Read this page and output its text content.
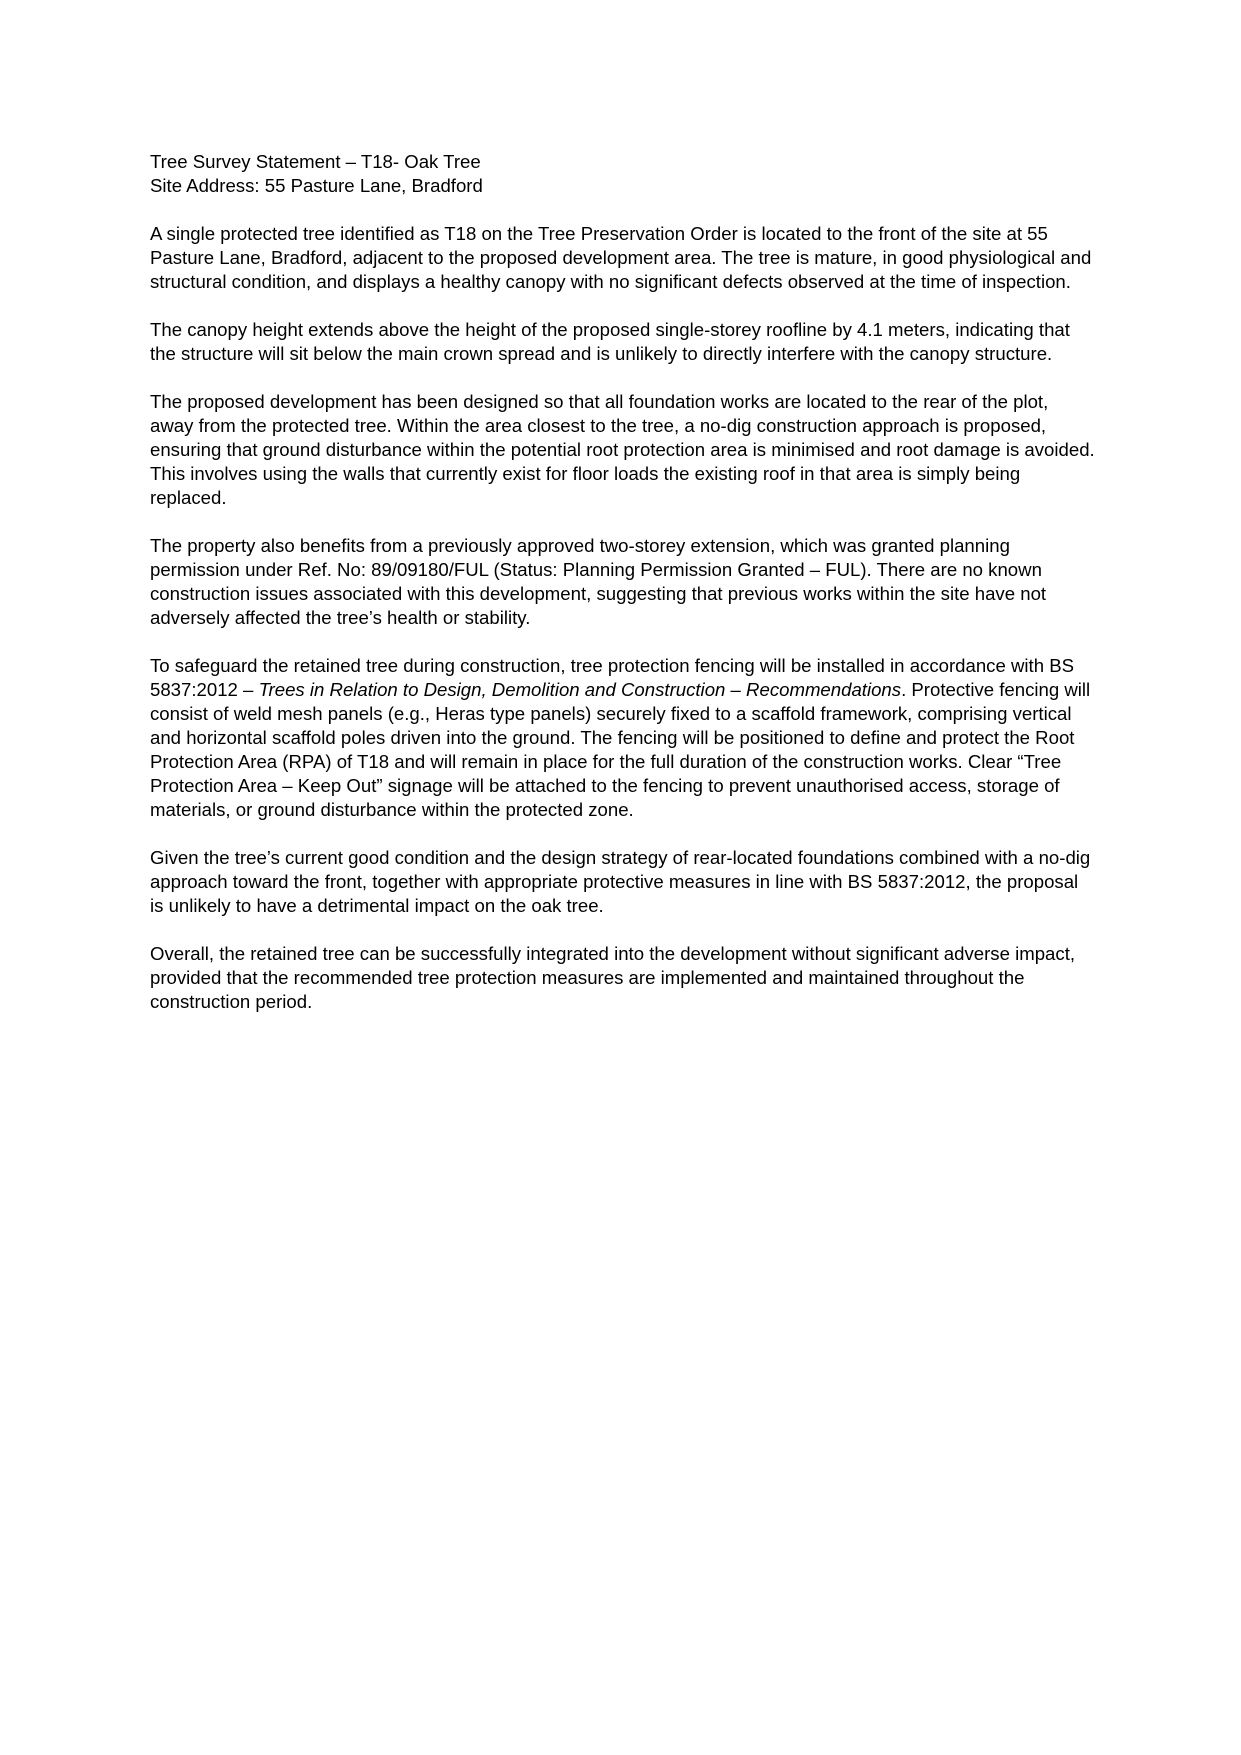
Tree Survey Statement – T18- Oak Tree

Site Address: 55 Pasture Lane, Bradford

A single protected tree identified as T18 on the Tree Preservation Order is located to the front of the site at 55 Pasture Lane, Bradford, adjacent to the proposed development area. The tree is mature, in good physiological and structural condition, and displays a healthy canopy with no significant defects observed at the time of inspection.

The canopy height extends above the height of the proposed single-storey roofline by 4.1 meters, indicating that the structure will sit below the main crown spread and is unlikely to directly interfere with the canopy structure.

The proposed development has been designed so that all foundation works are located to the rear of the plot, away from the protected tree. Within the area closest to the tree, a no-dig construction approach is proposed, ensuring that ground disturbance within the potential root protection area is minimised and root damage is avoided. This involves using the walls that currently exist for floor loads the existing roof in that area is simply being replaced.

The property also benefits from a previously approved two-storey extension, which was granted planning permission under Ref. No: 89/09180/FUL (Status: Planning Permission Granted – FUL). There are no known construction issues associated with this development, suggesting that previous works within the site have not adversely affected the tree’s health or stability.

To safeguard the retained tree during construction, tree protection fencing will be installed in accordance with BS 5837:2012 – Trees in Relation to Design, Demolition and Construction – Recommendations. Protective fencing will consist of weld mesh panels (e.g., Heras type panels) securely fixed to a scaffold framework, comprising vertical and horizontal scaffold poles driven into the ground. The fencing will be positioned to define and protect the Root Protection Area (RPA) of T18 and will remain in place for the full duration of the construction works. Clear “Tree Protection Area – Keep Out” signage will be attached to the fencing to prevent unauthorised access, storage of materials, or ground disturbance within the protected zone.

Given the tree’s current good condition and the design strategy of rear-located foundations combined with a no-dig approach toward the front, together with appropriate protective measures in line with BS 5837:2012, the proposal is unlikely to have a detrimental impact on the oak tree.

Overall, the retained tree can be successfully integrated into the development without significant adverse impact, provided that the recommended tree protection measures are implemented and maintained throughout the construction period.
